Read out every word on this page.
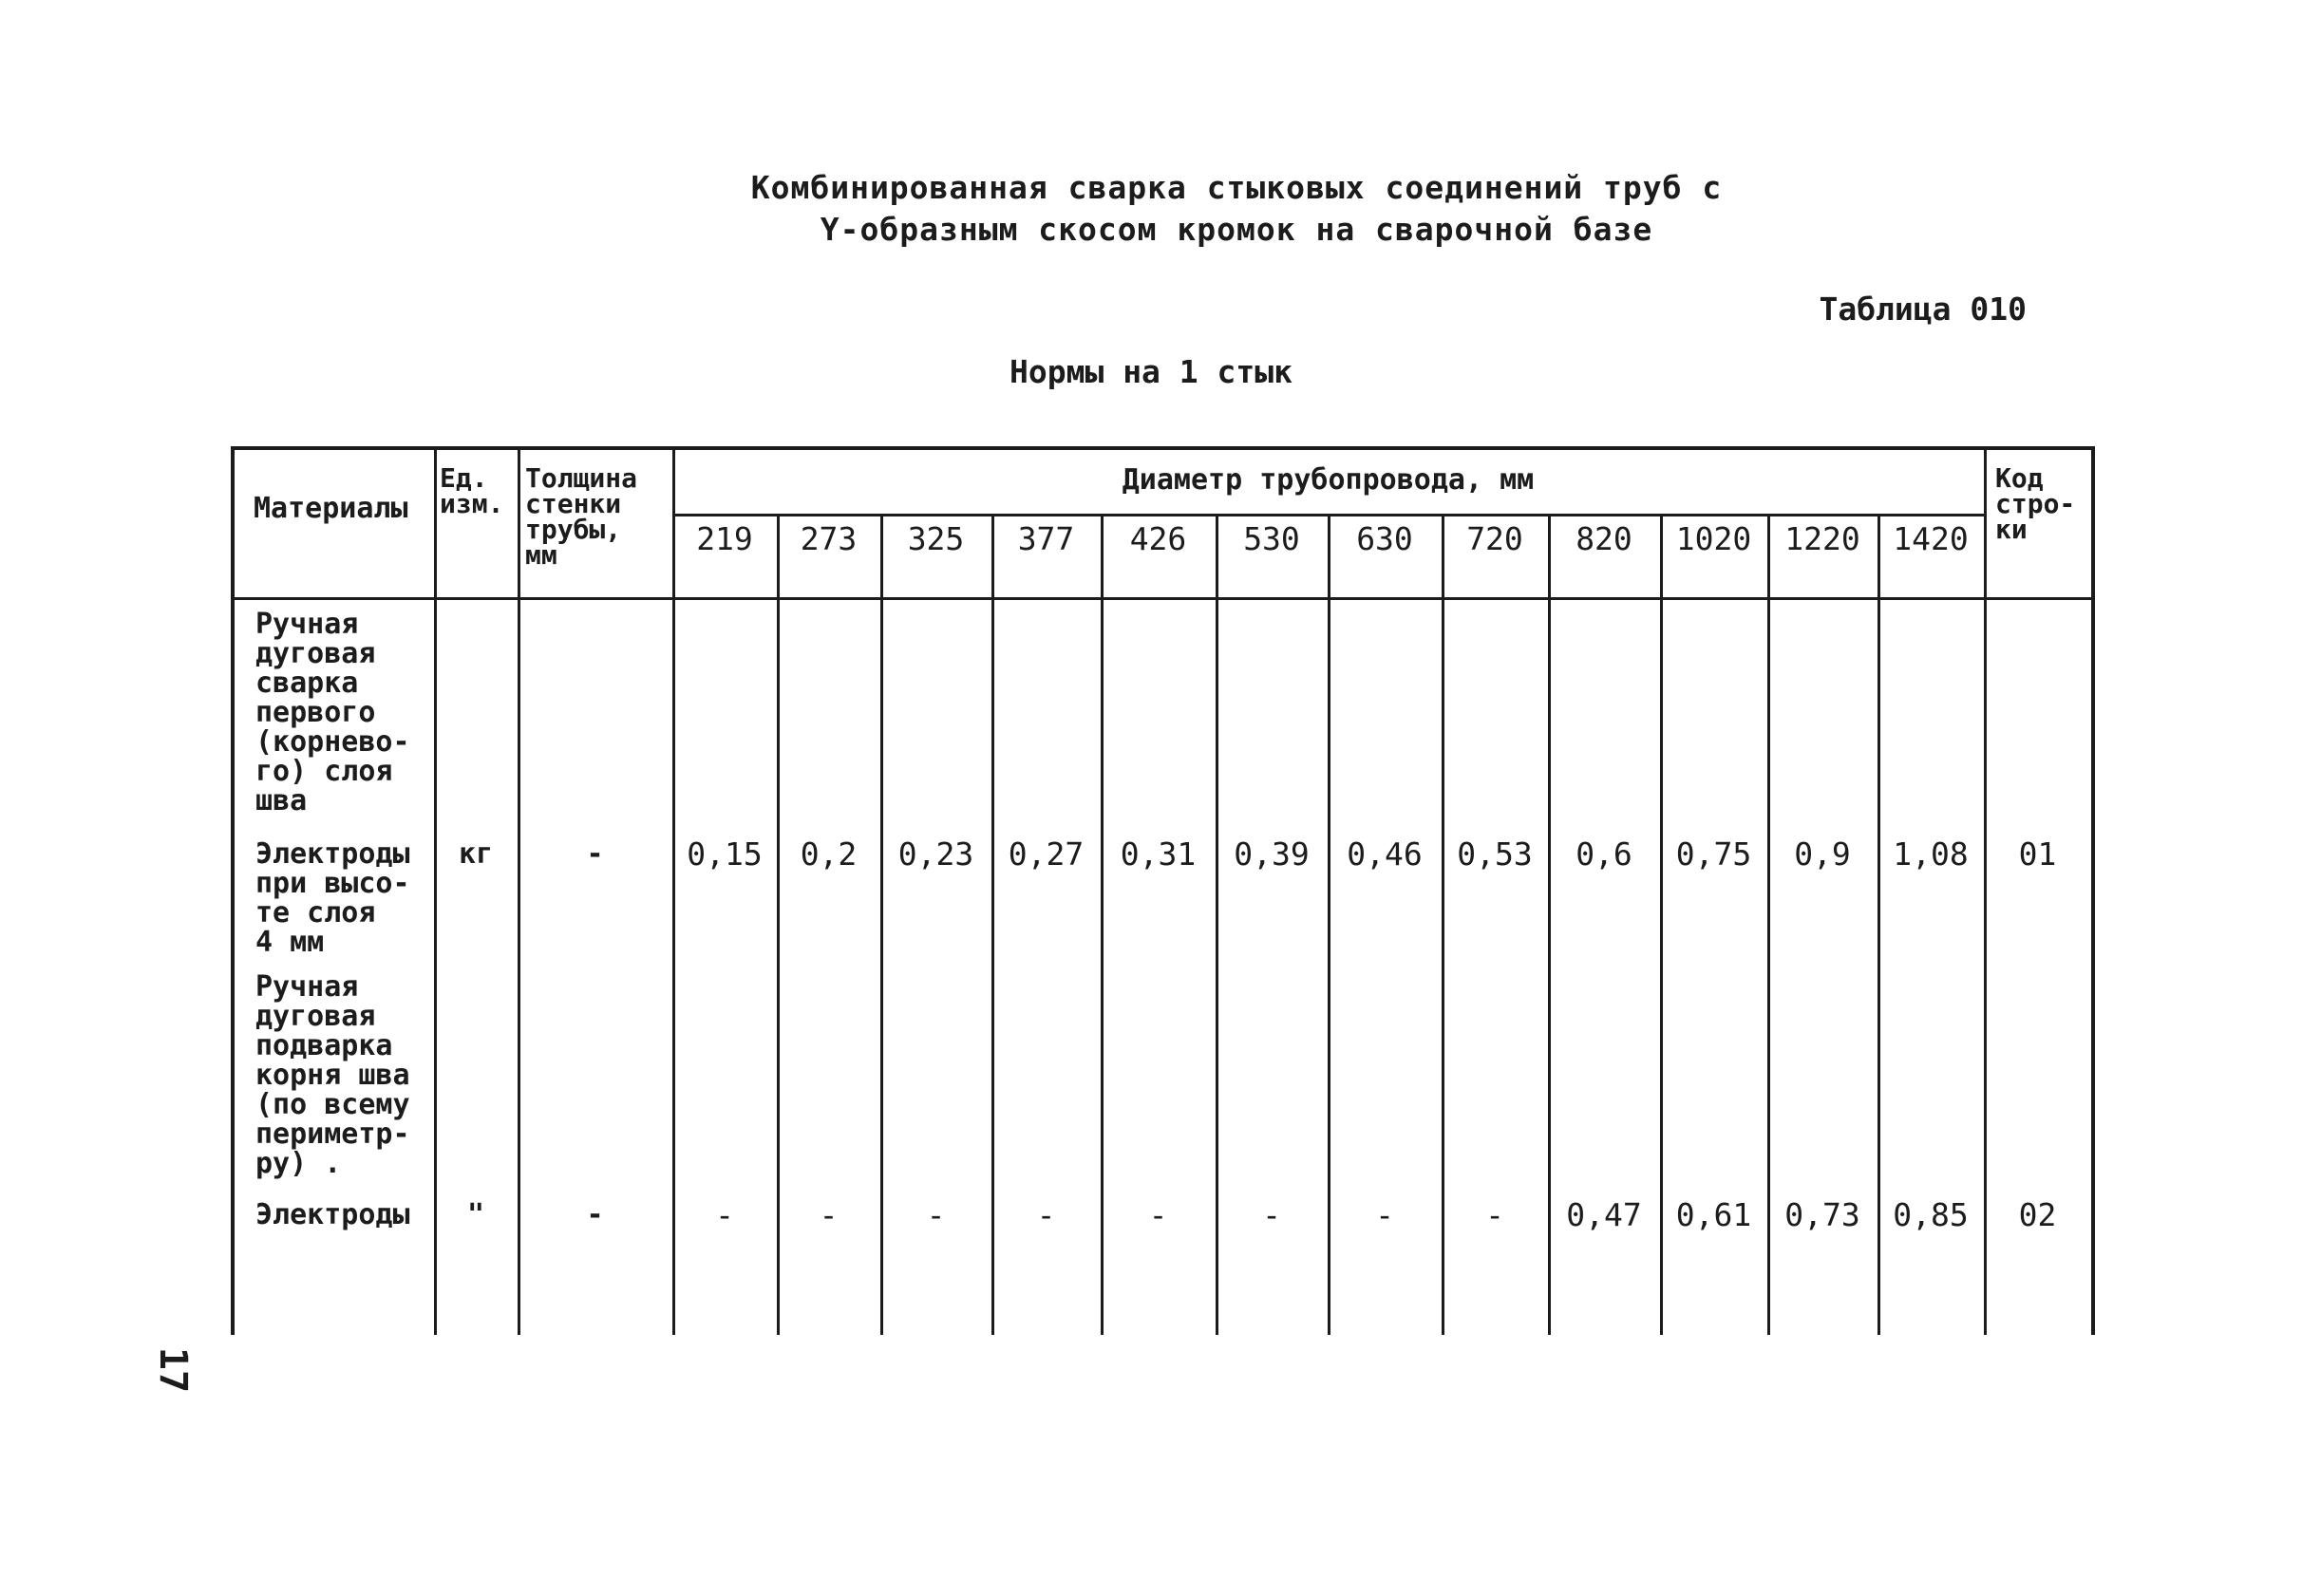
Комбинированная сварка стыковых соединений труб с
Y-образным скосом кромок на сварочной базе
Таблица 010
Нормы на 1 стык
Материалы
Ед.
изм.
Толщина
стенки
трубы,
мм
Диаметр трубопровода, мм	Код
стро-
ки
219	273	325	377	426	530	630	720	820	1020	1220	1420
Ручная
дуговая
сварка
первого
(корнево-
го) слоя
шва
Электроды
при высо-
те слоя
4 мм
кг	-	0,15	0,2	0,23	0,27	0,31	0,39	0,46	0,53	0,6	0,75	0,9	1,08	01
Ручная
дуговая
подварка
корня шва
(по всему
периметр-
ру) .
Электроды	"	-	-	-	-	-	-	-	-	-	0,47	0,61	0,73	0,85	02
17
